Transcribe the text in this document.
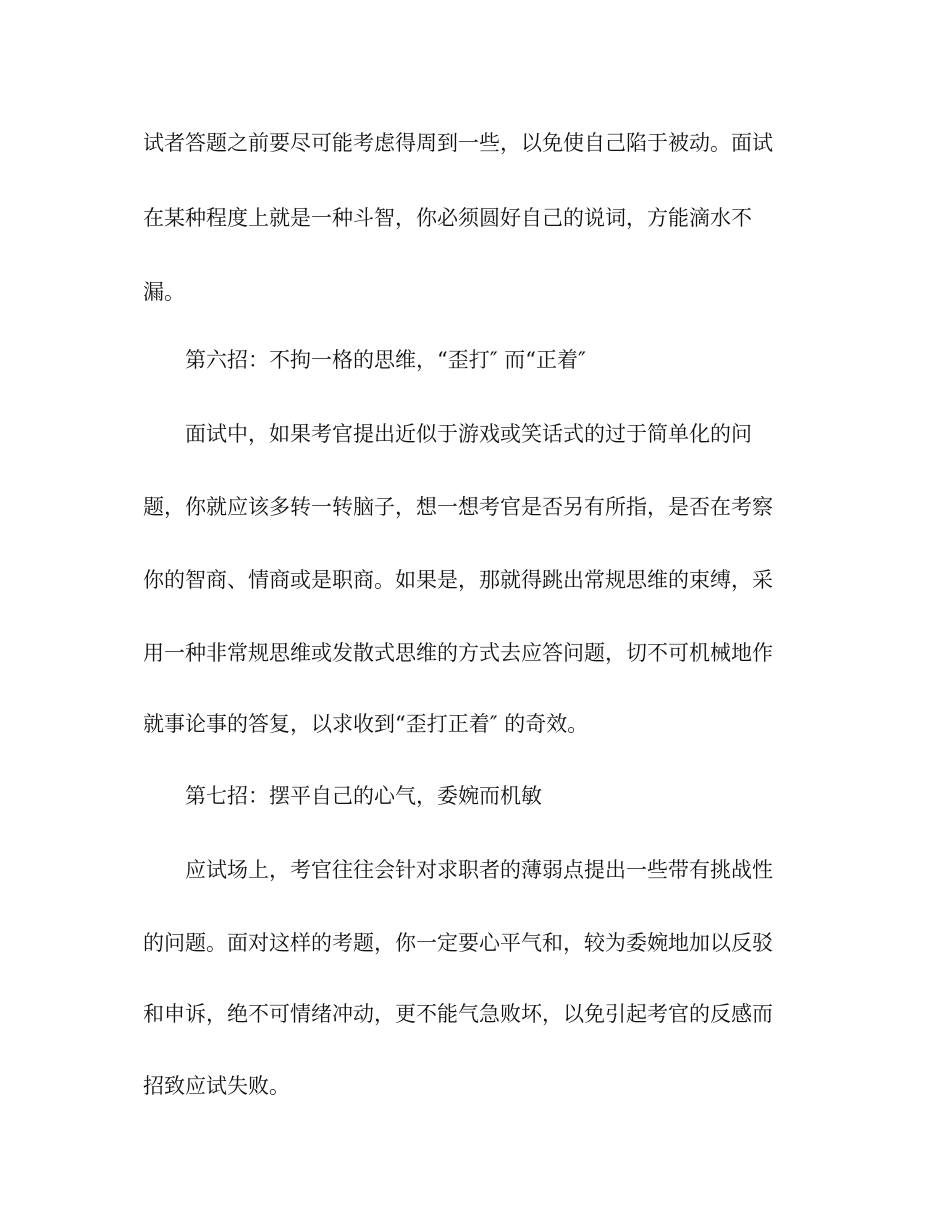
试者答题之前要尽可能考虑得周到一些，以免使自己陷于被动。面试

在某种程度上就是一种斗智，你必须圆好自己的说词，方能滴水不

漏。

第六招：不拘一格的思维，“歪打″ 而“正着″

面试中，如果考官提出近似于游戏或笑话式的过于简单化的问

题，你就应该多转一转脑子，想一想考官是否另有所指，是否在考察

你的智商、情商或是职商。如果是，那就得跳出常规思维的束缚，采

用一种非常规思维或发散式思维的方式去应答问题，切不可机械地作

就事论事的答复，以求收到“歪打正着″ 的奇效。

第七招：摆平自己的心气，委婉而机敏

应试场上，考官往往会针对求职者的薄弱点提出一些带有挑战性

的问题。面对这样的考题，你一定要心平气和，较为委婉地加以反驳

和申诉，绝不可情绪冲动，更不能气急败坏，以免引起考官的反感而

招致应试失败。
